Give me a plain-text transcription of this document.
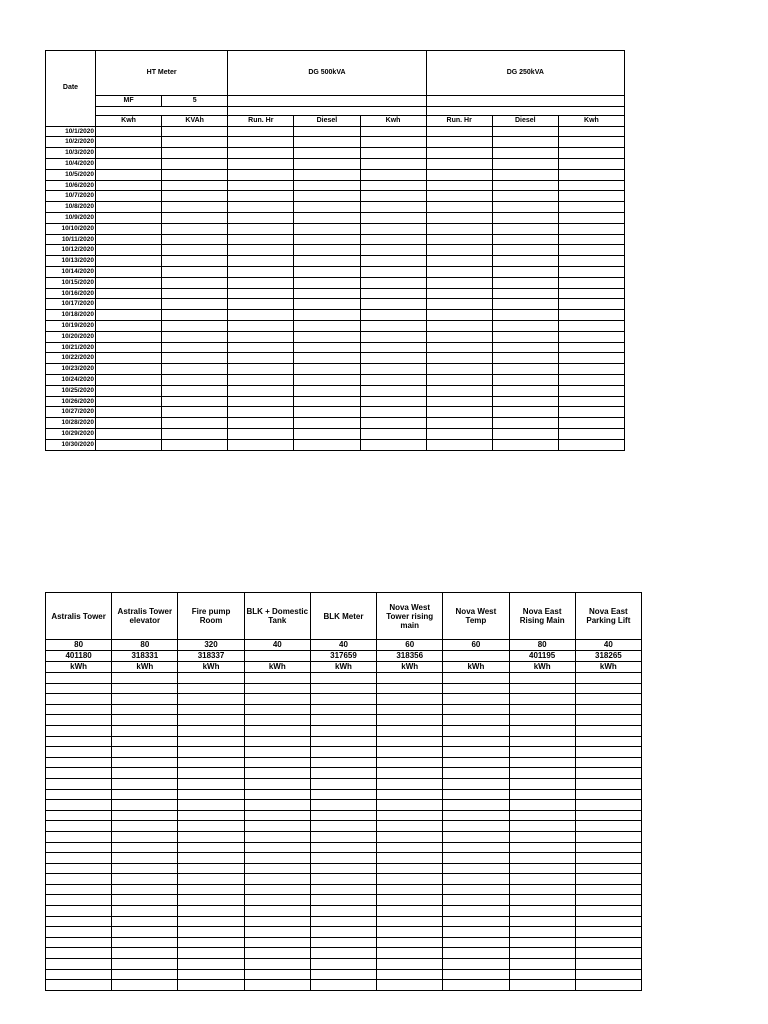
Date	HT Meter		DG 500kVA			DG 250kVA		
	MF	5						

	Kwh	KVAh	Run. Hr	Diesel	Kwh	Run. Hr	Diesel	Kwh
10/1/2020								
10/2/2020								
10/3/2020								
10/4/2020								
10/5/2020								
10/6/2020								
10/7/2020								
10/8/2020								
10/9/2020								
10/10/2020								
10/11/2020								
10/12/2020								
10/13/2020								
10/14/2020								
10/15/2020								
10/16/2020								
10/17/2020								
10/18/2020								
10/19/2020								
10/20/2020								
10/21/2020								
10/22/2020								
10/23/2020								
10/24/2020								
10/25/2020								
10/26/2020								
10/27/2020								
10/28/2020								
10/29/2020								
10/30/2020								
Astralis Tower	Astralis Tower elevator	Fire pump Room	BLK + Domestic Tank	BLK Meter	Nova West Tower rising main	Nova West Temp	Nova East Rising Main	Nova East Parking Lift
80	80	320	40	40	60	60	80	40
401180	318331	318337		317659	318356		401195	318265
kWh	kWh	kWh	kWh	kWh	kWh	kWh	kWh	kWh
